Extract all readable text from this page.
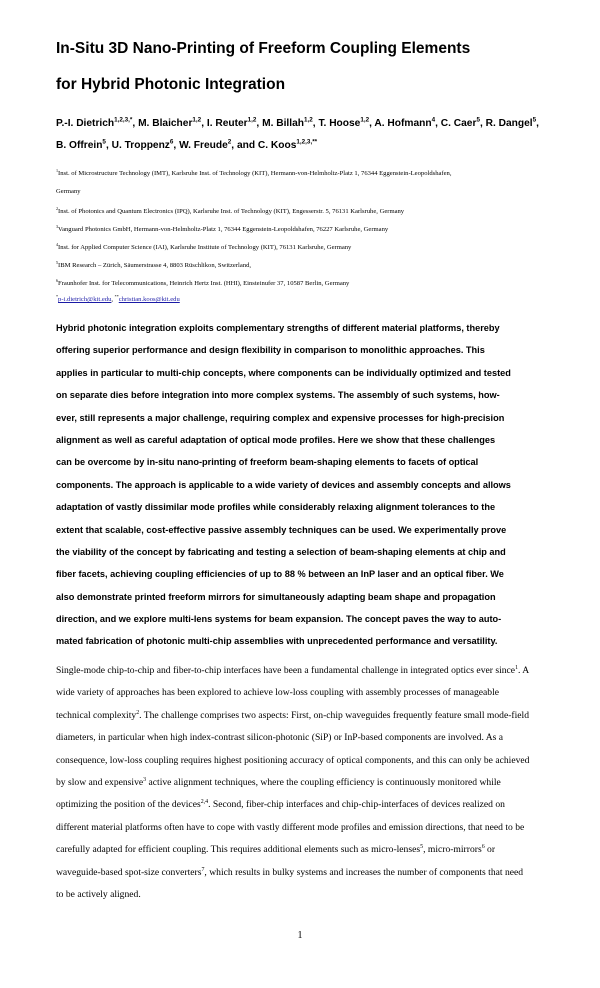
In-Situ 3D Nano-Printing of Freeform Coupling Elements
for Hybrid Photonic Integration
P.-I. Dietrich$^{1,2,3,*}$, M. Blaicher$^{1,2}$, I. Reuter$^{1,2}$, M. Billah$^{1,2}$, T. Hoose$^{1,2}$, A. Hofmann$^4$, C. Caer$^5$, R. Dangel$^5$,
B. Offrein$^5$, U. Troppenz$^6$, W. Freude$^2$, and C. Koos$^{1,2,3,**}$
$^1$Inst. of Microstructure Technology (IMT), Karlsruhe Inst. of Technology (KIT), Hermann-von-Helmholtz-Platz 1, 76344 Eggenstein-Leopoldshafen,
Germany
$^2$Inst. of Photonics and Quantum Electronics (IPQ), Karlsruhe Inst. of Technology (KIT), Engesserstr. 5, 76131 Karlsruhe, Germany
$^3$Vanguard Photonics GmbH, Hermann-von-Helmholtz-Platz 1, 76344 Eggenstein-Leopoldshafen, 76227 Karlsruhe, Germany
$^4$Inst. for Applied Computer Science (IAI), Karlsruhe Institute of Technology (KIT), 76131 Karlsruhe, Germany
$^5$IBM Research – Zürich, Säumerstrasse 4, 8803 Rüschlikon, Switzerland,
$^6$Fraunhofer Inst. for Telecommunications, Heinrich Hertz Inst. (HHI), Einsteinufer 37, 10587 Berlin, Germany
*p-i.dietrich@kit.edu, **christian.koos@kit.edu
Hybrid photonic integration exploits complementary strengths of different material platforms, thereby
offering superior performance and design flexibility in comparison to monolithic approaches. This
applies in particular to multi-chip concepts, where components can be individually optimized and tested
on separate dies before integration into more complex systems. The assembly of such systems, how-
ever, still represents a major challenge, requiring complex and expensive processes for high-precision
alignment as well as careful adaptation of optical mode profiles. Here we show that these challenges
can be overcome by in-situ nano-printing of freeform beam-shaping elements to facets of optical
components. The approach is applicable to a wide variety of devices and assembly concepts and allows
adaptation of vastly dissimilar mode profiles while considerably relaxing alignment tolerances to the
extent that scalable, cost-effective passive assembly techniques can be used. We experimentally prove
the viability of the concept by fabricating and testing a selection of beam-shaping elements at chip and
fiber facets, achieving coupling efficiencies of up to 88 % between an InP laser and an optical fiber. We
also demonstrate printed freeform mirrors for simultaneously adapting beam shape and propagation
direction, and we explore multi-lens systems for beam expansion. The concept paves the way to auto-
mated fabrication of photonic multi-chip assemblies with unprecedented performance and versatility.
Single-mode chip-to-chip and fiber-to-chip interfaces have been a fundamental challenge in integrated optics ever since$^1$. A
wide variety of approaches has been explored to achieve low-loss coupling with assembly processes of manageable
technical complexity$^2$. The challenge comprises two aspects: First, on-chip waveguides frequently feature small mode-field
diameters, in particular when high index-contrast silicon-photonic (SiP) or InP-based components are involved. As a
consequence, low-loss coupling requires highest positioning accuracy of optical components, and this can only be achieved
by slow and expensive$^3$ active alignment techniques, where the coupling efficiency is continuously monitored while
optimizing the position of the devices$^{2,4}$. Second, fiber-chip interfaces and chip-chip-interfaces of devices realized on
different material platforms often have to cope with vastly different mode profiles and emission directions, that need to be
carefully adapted for efficient coupling. This requires additional elements such as micro-lenses$^5$, micro-mirrors$^6$ or
waveguide-based spot-size converters$^7$, which results in bulky systems and increases the number of components that need
to be actively aligned.
1
